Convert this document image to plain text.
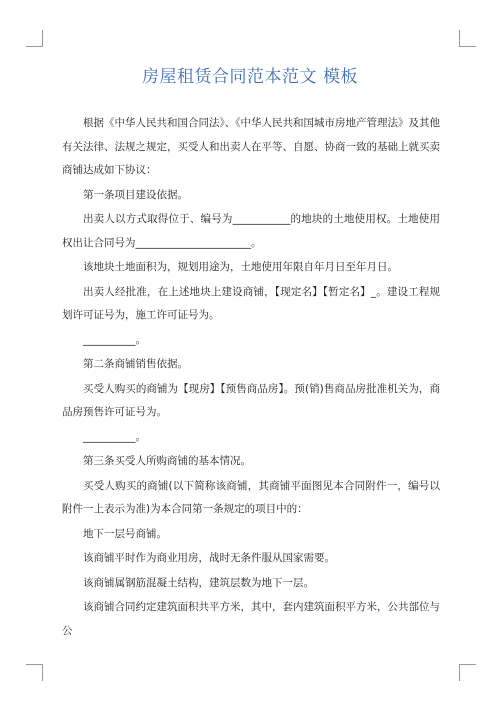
房屋租赁合同范本范文 模板

根据《中华人民共和国合同法》、《中华人民共和国城市房地产管理法》及其他有关法律、法规之规定，买受人和出卖人在平等、自愿、协商一致的基础上就买卖商铺达成如下协议：

第一条项目建设依据。

出卖人以方式取得位于、编号为___________的地块的土地使用权。土地使用权出让合同号为______________________。

该地块土地面积为，规划用途为，土地使用年限自年月日至年月日。

出卖人经批准，在上述地块上建设商铺，【现定名】【暂定名】_。建设工程规划许可证号为，施工许可证号为。

__________。

第二条商铺销售依据。

买受人购买的商铺为【现房】【预售商品房】。预(销)售商品房批准机关为，商品房预售许可证号为。

__________。

第三条买受人所购商铺的基本情况。

买受人购买的商铺(以下简称该商铺，其商铺平面图见本合同附件一，编号以附件一上表示为准)为本合同第一条规定的项目中的：

地下一层号商铺。

该商铺平时作为商业用房，战时无条件服从国家需要。

该商铺属钢筋混凝土结构，建筑层数为地下一层。

该商铺合同约定建筑面积共平方米，其中，套内建筑面积平方米，公共部位与公
